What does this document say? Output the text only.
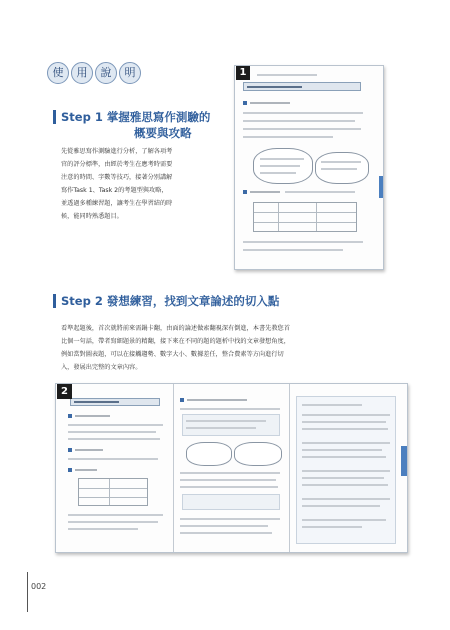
使	用	說	明
Step 1 掌握雅思寫作測驗的
概要與攻略
先從雅思寫作測驗進行分析，了解各項考
官的評分標準，由經於考生在應考時需要
注意的時間、字數等技巧，接著分別講解
寫作Task 1、Task 2的考題型與攻略，
並透過多種練習題，讓考生在學習結的時
候，能同時熟悉題目。
1
Step 2 發想練習，找到文章論述的切入點
看準起題後，首次就將前來需鍋卡翻，由面的論述做索翻視深有倒進，本書先教您首
比個一句話，帶者寫細題景的精翻，接下來在不同的題的題析中找的文章發想角度，
例如當對圖表題，可以在接觸趨勢、數字大小、數據差任，整合費素等方向進行切
入，發展出完整的文章內容。
2
002
